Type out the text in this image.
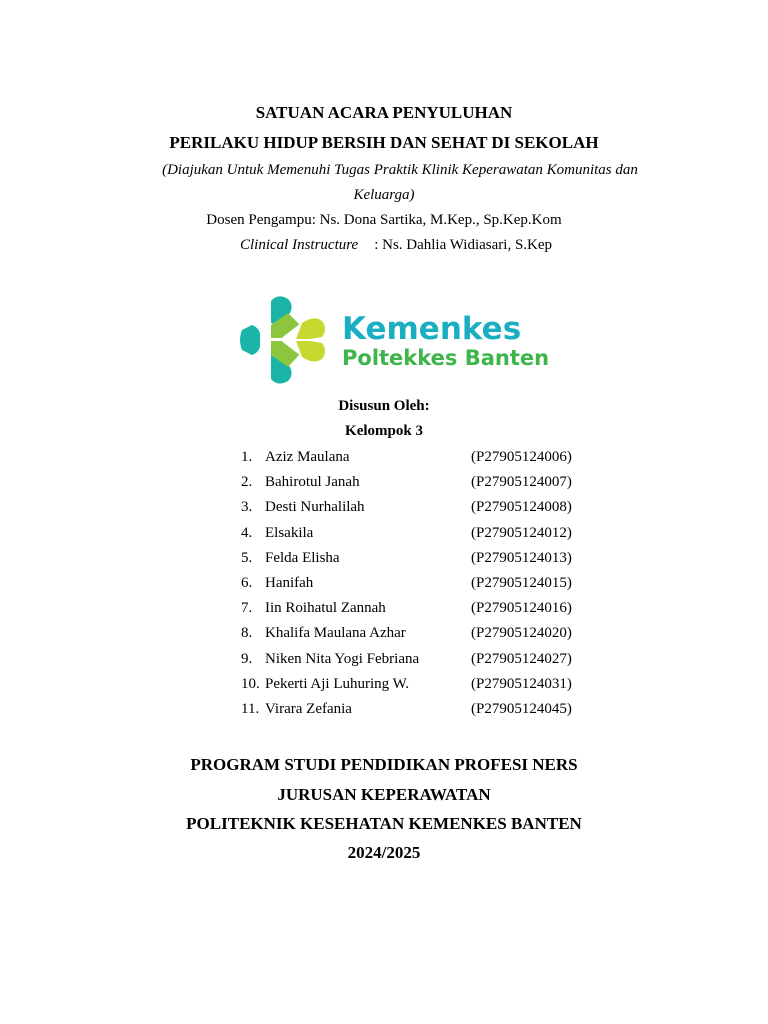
SATUAN ACARA PENYULUHAN
PERILAKU HIDUP BERSIH DAN SEHAT DI SEKOLAH
(Diajukan Untuk Memenuhi Tugas Praktik Klinik Keperawatan Komunitas dan
Keluarga)
Dosen Pengampu: Ns. Dona Sartika, M.Kep., Sp.Kep.Kom
Clinical Instructure : Ns. Dahlia Widiasari, S.Kep
Kemenkes
Poltekkes Banten
Disusun Oleh:
Kelompok 3
1. Aziz Maulana	(P27905124006)
2. Bahirotul Janah	(P27905124007)
3. Desti Nurhalilah	(P27905124008)
4. Elsakila	(P27905124012)
5. Felda Elisha	(P27905124013)
6. Hanifah	(P27905124015)
7. Iin Roihatul Zannah	(P27905124016)
8. Khalifa Maulana Azhar	(P27905124020)
9. Niken Nita Yogi Febriana	(P27905124027)
10. Pekerti Aji Luhuring W.	(P27905124031)
11. Virara Zefania	(P27905124045)
PROGRAM STUDI PENDIDIKAN PROFESI NERS
JURUSAN KEPERAWATAN
POLITEKNIK KESEHATAN KEMENKES BANTEN
2024/2025
